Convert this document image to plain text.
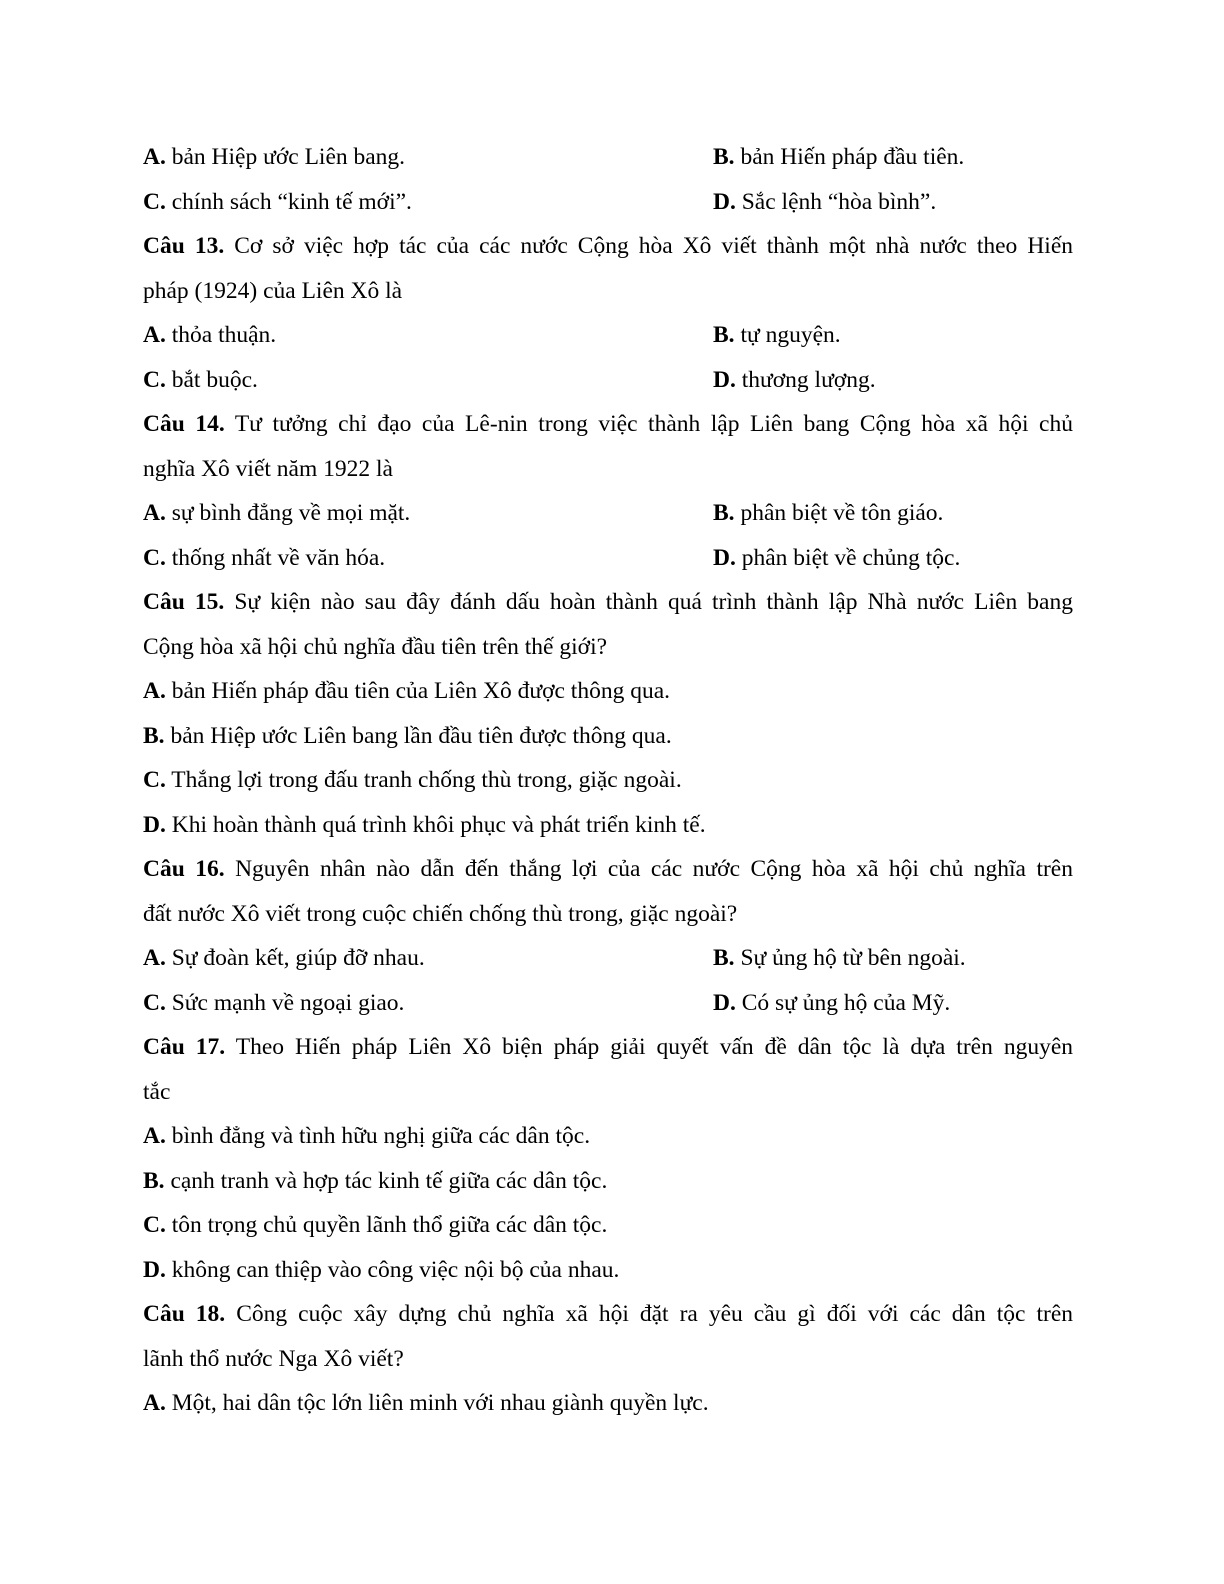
A. bản Hiệp ước Liên bang.	B. bản Hiến pháp đầu tiên.
C. chính sách “kinh tế mới”.	D. Sắc lệnh “hòa bình”.
Câu 13. Cơ sở việc hợp tác của các nước Cộng hòa Xô viết thành một nhà nước theo Hiến
pháp (1924) của Liên Xô là
A. thỏa thuận.	B. tự nguyện.
C. bắt buộc.	D. thương lượng.
Câu 14. Tư tưởng chỉ đạo của Lê-nin trong việc thành lập Liên bang Cộng hòa xã hội chủ
nghĩa Xô viết năm 1922 là
A. sự bình đẳng về mọi mặt.	B. phân biệt về tôn giáo.
C. thống nhất về văn hóa.	D. phân biệt về chủng tộc.
Câu 15. Sự kiện nào sau đây đánh dấu hoàn thành quá trình thành lập Nhà nước Liên bang
Cộng hòa xã hội chủ nghĩa đầu tiên trên thế giới?
A. bản Hiến pháp đầu tiên của Liên Xô được thông qua.
B. bản Hiệp ước Liên bang lần đầu tiên được thông qua.
C. Thắng lợi trong đấu tranh chống thù trong, giặc ngoài.
D. Khi hoàn thành quá trình khôi phục và phát triển kinh tế.
Câu 16. Nguyên nhân nào dẫn đến thắng lợi của các nước Cộng hòa xã hội chủ nghĩa trên
đất nước Xô viết trong cuộc chiến chống thù trong, giặc ngoài?
A. Sự đoàn kết, giúp đỡ nhau.	B. Sự ủng hộ từ bên ngoài.
C. Sức mạnh về ngoại giao.	D. Có sự ủng hộ của Mỹ.
Câu 17. Theo Hiến pháp Liên Xô biện pháp giải quyết vấn đề dân tộc là dựa trên nguyên
tắc
A. bình đẳng và tình hữu nghị giữa các dân tộc.
B. cạnh tranh và hợp tác kinh tế giữa các dân tộc.
C. tôn trọng chủ quyền lãnh thổ giữa các dân tộc.
D. không can thiệp vào công việc nội bộ của nhau.
Câu 18. Công cuộc xây dựng chủ nghĩa xã hội đặt ra yêu cầu gì đối với các dân tộc trên
lãnh thổ nước Nga Xô viết?
A. Một, hai dân tộc lớn liên minh với nhau giành quyền lực.
